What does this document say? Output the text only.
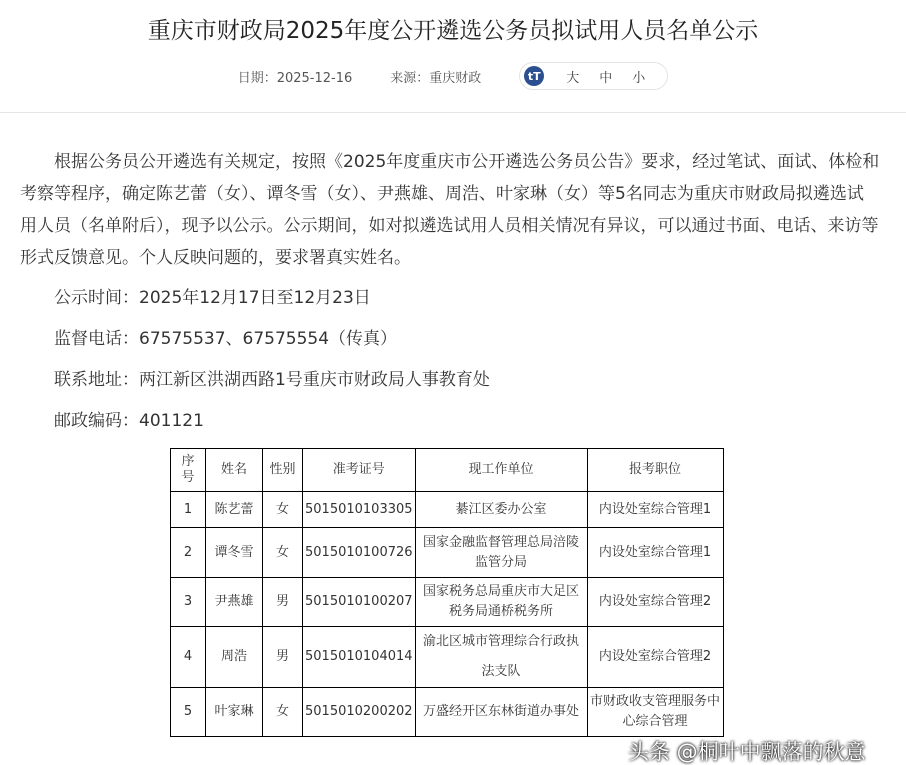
重庆市财政局2025年度公开遴选公务员拟试用人员名单公示
日期：2025-12-16	来源：重庆财政	tT 大 中 小

根据公务员公开遴选有关规定，按照《2025年度重庆市公开遴选公务员公告》要求，经过笔试、面试、体检和考察等程序，确定陈艺蕾（女）、谭冬雪（女）、尹燕雄、周浩、叶家琳（女）等5名同志为重庆市财政局拟遴选试用人员（名单附后），现予以公示。公示期间，如对拟遴选试用人员相关情况有异议，可以通过书面、电话、来访等形式反馈意见。个人反映问题的，要求署真实姓名。

公示时间：2025年12月17日至12月23日
监督电话：67575537、67575554（传真）
联系地址：两江新区洪湖西路1号重庆市财政局人事教育处
邮政编码：401121
序号	姓名	性别	准考证号	现工作单位	报考职位
1	陈艺蕾	女	5015010103305	綦江区委办公室	内设处室综合管理1
2	谭冬雪	女	5015010100726	国家金融监督管理总局涪陵监管分局	内设处室综合管理1
3	尹燕雄	男	5015010100207	国家税务总局重庆市大足区税务局通桥税务所	内设处室综合管理2
4	周浩	男	5015010104014	渝北区城市管理综合行政执法支队	内设处室综合管理2
5	叶家琳	女	5015010200202	万盛经开区东林街道办事处	市财政收支管理服务中心综合管理
头条 @桐叶中飘落的秋意
